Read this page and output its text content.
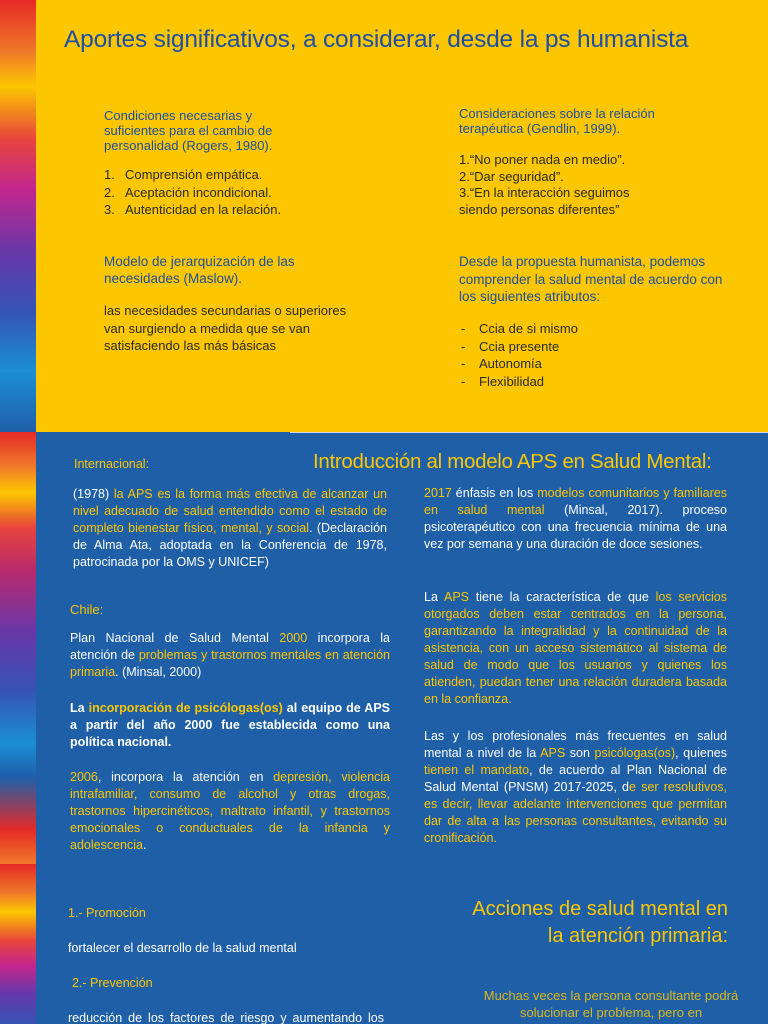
Aportes significativos, a considerar, desde la ps humanista
Condiciones necesarias y suficientes para el cambio de personalidad (Rogers, 1980).
1. Comprensión empática.
2. Aceptación incondicional.
3. Autenticidad en la relación.
Consideraciones sobre la relación terapéutica (Gendlin, 1999).
1.“No poner nada en medio”.
2.“Dar seguridad”.
3.“En la interacción seguimos siendo personas diferentes”
Modelo de jerarquización de las necesidades (Maslow).
las necesidades secundarias o superiores van surgiendo a medida que se van satisfaciendo las más básicas
Desde la propuesta humanista, podemos comprender la salud mental de acuerdo con los siguientes atributos:
- Ccia de si mismo
- Ccia presente
- Autonomía
- Flexibilidad
Introducción al modelo APS en Salud Mental:
Internacional:

(1978) la APS es la forma más efectiva de alcanzar un nivel adecuado de salud entendido como el estado de completo bienestar físico, mental, y social. (Declaración de Alma Ata, adoptada en la Conferencia de 1978, patrocinada por la OMS y UNICEF)

Chile:

Plan Nacional de Salud Mental 2000 incorpora la atención de problemas y trastornos mentales en atención primaria. (Minsal, 2000)

La incorporación de psicólogas(os) al equipo de APS a partir del año 2000 fue establecida como una política nacional.

2006, incorpora la atención en depresión, violencia intrafamiliar, consumo de alcohol y otras drogas, trastornos hipercinéticos, maltrato infantil, y trastornos emocionales o conductuales de la infancia y adolescencia.

2017 énfasis en los modelos comunitarios y familiares en salud mental (Minsal, 2017). proceso psicoterapéutico con una frecuencia mínima de una vez por semana y una duración de doce sesiones.

La APS tiene la característica de que los servicios otorgados deben estar centrados en la persona, garantizando la integralidad y la continuidad de la asistencia, con un acceso sistemático al sistema de salud de modo que los usuarios y quienes los atienden, puedan tener una relación duradera basada en la confianza.

Las y los profesionales más frecuentes en salud mental a nivel de la APS son psicólogas(os), quienes tienen el mandato, de acuerdo al Plan Nacional de Salud Mental (PNSM) 2017-2025, de ser resolutivos, es decir, llevar adelante intervenciones que permitan dar de alta a las personas consultantes, evitando su cronificación.

Acciones de salud mental en la atención primaria:
1.- Promoción
fortalecer el desarrollo de la salud mental
2.- Prevención
reducción de los factores de riesgo y aumentando los
Muchas veces la persona consultante podrá solucionar el problema, pero en
